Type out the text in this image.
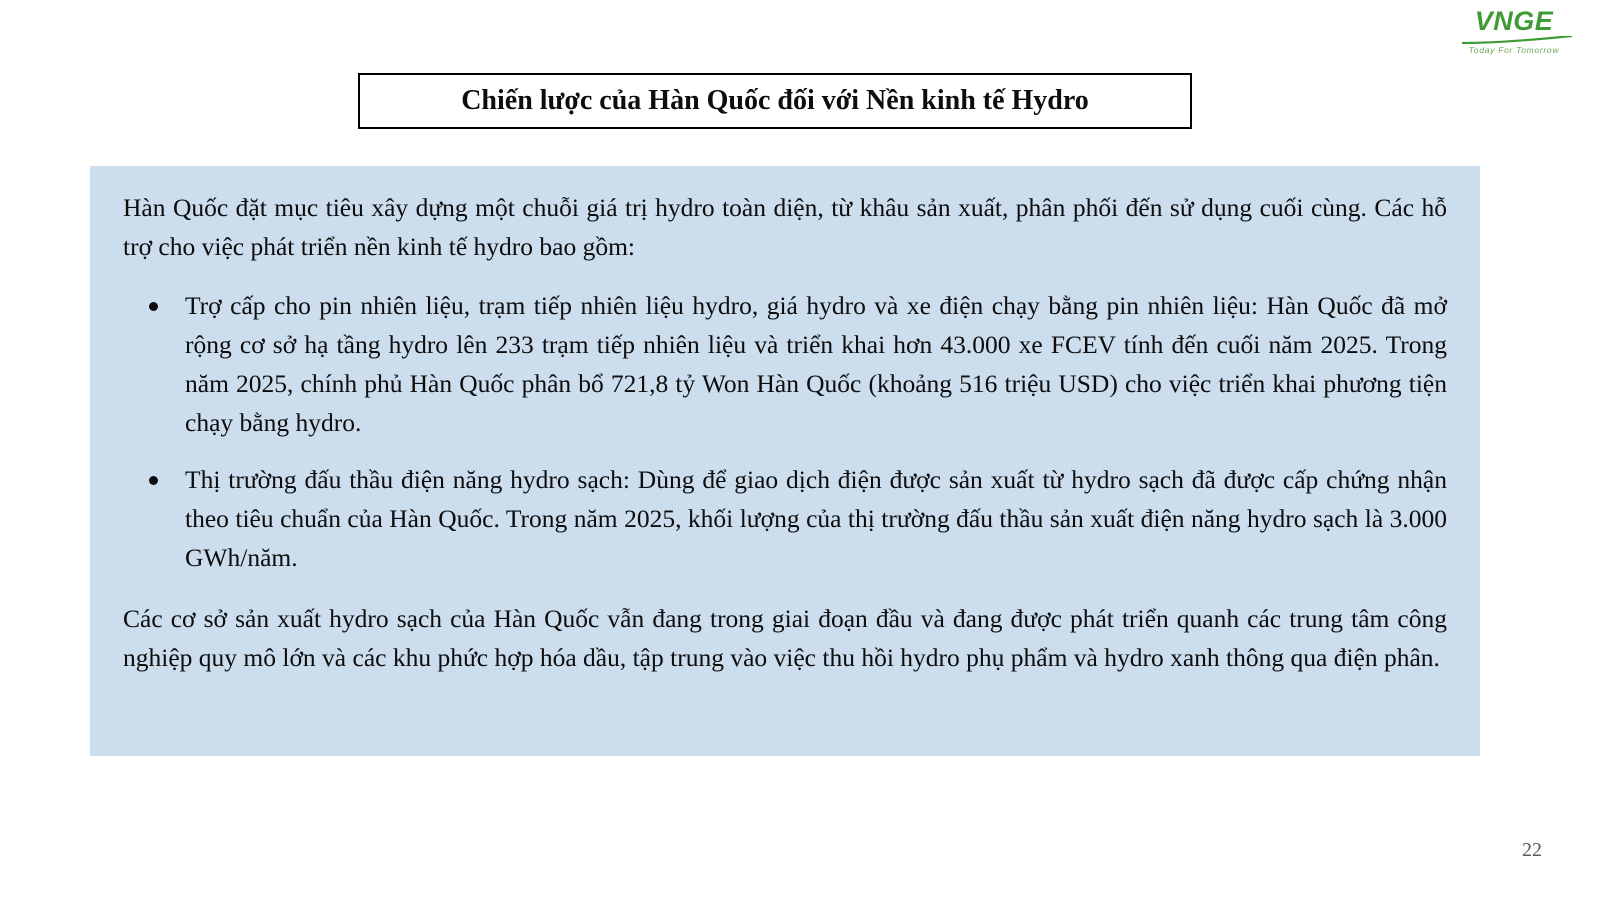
VNGE
Today For Tomorrow
Chiến lược của Hàn Quốc đối với Nền kinh tế Hydro

Hàn Quốc đặt mục tiêu xây dựng một chuỗi giá trị hydro toàn diện, từ khâu sản xuất, phân phối đến sử dụng cuối cùng. Các hỗ trợ cho việc phát triển nền kinh tế hydro bao gồm:

Trợ cấp cho pin nhiên liệu, trạm tiếp nhiên liệu hydro, giá hydro và xe điện chạy bằng pin nhiên liệu: Hàn Quốc đã mở rộng cơ sở hạ tầng hydro lên 233 trạm tiếp nhiên liệu và triển khai hơn 43.000 xe FCEV tính đến cuối năm 2025. Trong năm 2025, chính phủ Hàn Quốc phân bổ 721,8 tỷ Won Hàn Quốc (khoảng 516 triệu USD) cho việc triển khai phương tiện chạy bằng hydro.
Thị trường đấu thầu điện năng hydro sạch: Dùng để giao dịch điện được sản xuất từ hydro sạch đã được cấp chứng nhận theo tiêu chuẩn của Hàn Quốc. Trong năm 2025, khối lượng của thị trường đấu thầu sản xuất điện năng hydro sạch là 3.000 GWh/năm.

Các cơ sở sản xuất hydro sạch của Hàn Quốc vẫn đang trong giai đoạn đầu và đang được phát triển quanh các trung tâm công nghiệp quy mô lớn và các khu phức hợp hóa dầu, tập trung vào việc thu hồi hydro phụ phẩm và hydro xanh thông qua điện phân.

22
